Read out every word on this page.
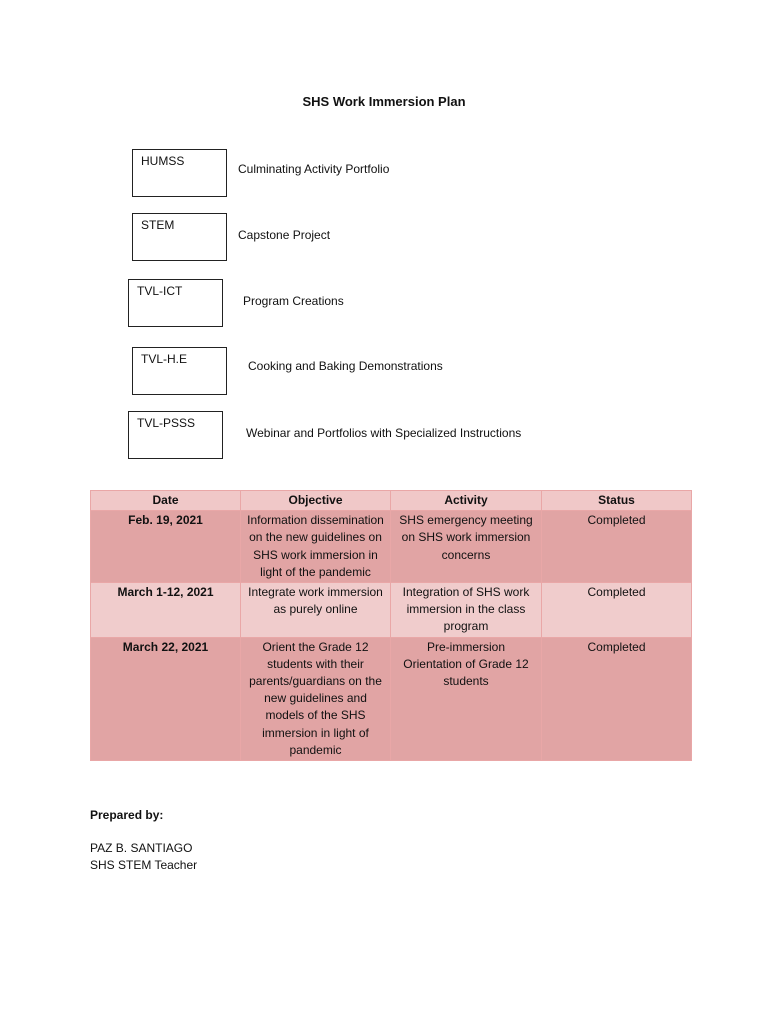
SHS Work Immersion Plan
HUMSS
Culminating Activity Portfolio
STEM
Capstone Project
TVL-ICT
Program Creations
TVL-H.E	Cooking and Baking Demonstrations
TVL-PSSS
Webinar and Portfolios with Specialized Instructions
Date	Objective	Activity	Status
Feb. 19, 2021	Information dissemination on the new guidelines on SHS work immersion in light of the pandemic	SHS emergency meeting on SHS work immersion concerns	Completed
March 1-12, 2021	Integrate work immersion as purely online	Integration of SHS work immersion in the class program	Completed
March 22, 2021	Orient the Grade 12 students with their parents/guardians on the new guidelines and models of the SHS immersion in light of pandemic	Pre-immersion Orientation of Grade 12 students	Completed
Prepared by:
PAZ B. SANTIAGO
SHS STEM Teacher
